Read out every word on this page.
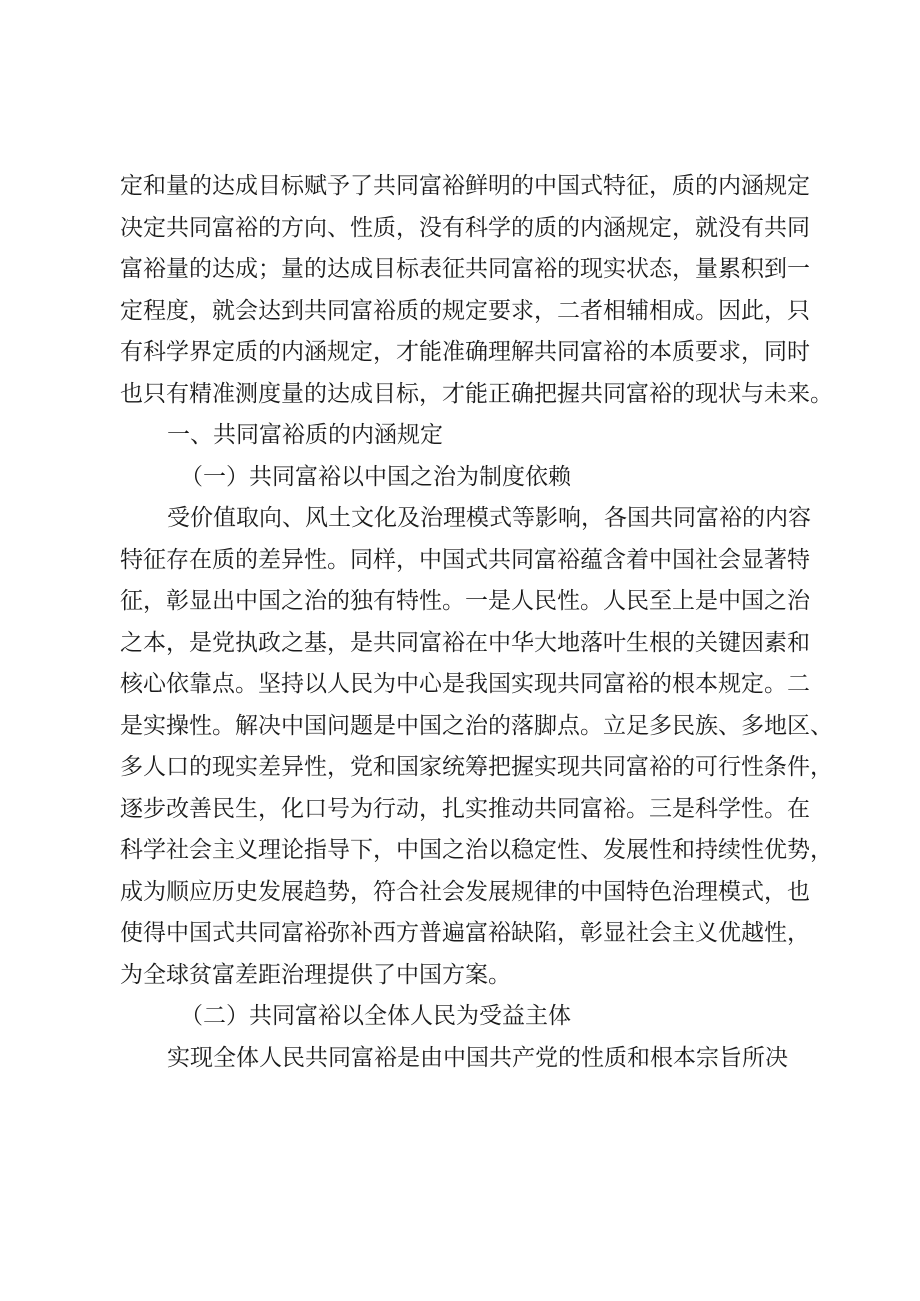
定和量的达成目标赋予了共同富裕鲜明的中国式特征，质的内涵规定
决定共同富裕的方向、性质，没有科学的质的内涵规定，就没有共同
富裕量的达成；量的达成目标表征共同富裕的现实状态，量累积到一
定程度，就会达到共同富裕质的规定要求，二者相辅相成。因此，只
有科学界定质的内涵规定，才能准确理解共同富裕的本质要求，同时
也只有精准测度量的达成目标，才能正确把握共同富裕的现状与未来。
一、共同富裕质的内涵规定
（一）共同富裕以中国之治为制度依赖
受价值取向、风土文化及治理模式等影响，各国共同富裕的内容
特征存在质的差异性。同样，中国式共同富裕蕴含着中国社会显著特
征，彰显出中国之治的独有特性。一是人民性。人民至上是中国之治
之本，是党执政之基，是共同富裕在中华大地落叶生根的关键因素和
核心依靠点。坚持以人民为中心是我国实现共同富裕的根本规定。二
是实操性。解决中国问题是中国之治的落脚点。立足多民族、多地区、
多人口的现实差异性，党和国家统筹把握实现共同富裕的可行性条件，
逐步改善民生，化口号为行动，扎实推动共同富裕。三是科学性。在
科学社会主义理论指导下，中国之治以稳定性、发展性和持续性优势，
成为顺应历史发展趋势，符合社会发展规律的中国特色治理模式，也
使得中国式共同富裕弥补西方普遍富裕缺陷，彰显社会主义优越性，
为全球贫富差距治理提供了中国方案。
（二）共同富裕以全体人民为受益主体
实现全体人民共同富裕是由中国共产党的性质和根本宗旨所决
